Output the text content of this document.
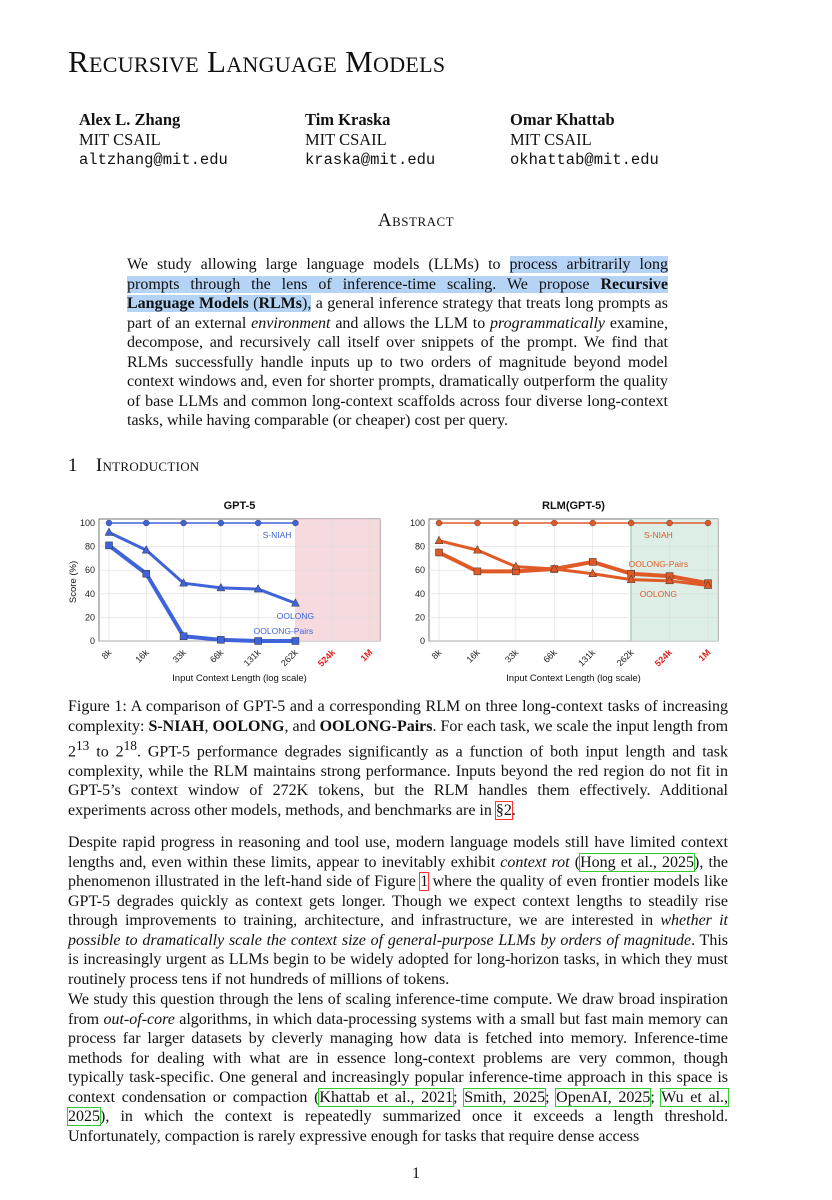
Recursive Language Models
Alex L. Zhang
MIT CSAIL
altzhang@mit.edu
Tim Kraska
MIT CSAIL
kraska@mit.edu
Omar Khattab
MIT CSAIL
okhattab@mit.edu
Abstract

We study allowing large language models (LLMs) to process arbitrarily long prompts through the lens of inference-time scaling. We propose Recursive Language Models (RLMs), a general inference strategy that treats long prompts as part of an external environment and allows the LLM to programmatically examine, decompose, and recursively call itself over snippets of the prompt. We find that RLMs successfully handle inputs up to two orders of magnitude beyond model context windows and, even for shorter prompts, dramatically outperform the quality of base LLMs and common long-context scaffolds across four diverse long-context tasks, while having comparable (or cheaper) cost per query.

1 Introduction
GPT-5
0
20
40
60
80
100
8k 16k 33k 66k 131k 262k 524k 1M
Input Context Length (log scale)
Score (%)
S-NIAH
OOLONG
OOLONG-Pairs
RLM(GPT-5)
0
20
40
60
80
100
8k 16k 33k 66k 131k 262k 524k	1M
Input Context Length (log scale)
S-NIAH
OOLONG-Pairs
OOLONG

Figure 1: A comparison of GPT-5 and a corresponding RLM on three long-context tasks of increasing complexity: S-NIAH, OOLONG, and OOLONG-Pairs. For each task, we scale the input length from $2^{13}$ to $2^{18}$. GPT-5 performance degrades significantly as a function of both input length and task complexity, while the RLM maintains strong performance. Inputs beyond the red region do not fit in GPT-5’s context window of 272K tokens, but the RLM handles them effectively. Additional experiments across other models, methods, and benchmarks are in §2.

Despite rapid progress in reasoning and tool use, modern language models still have limited context lengths and, even within these limits, appear to inevitably exhibit context rot (Hong et al., 2025), the phenomenon illustrated in the left-hand side of Figure 1 where the quality of even frontier models like GPT-5 degrades quickly as context gets longer. Though we expect context lengths to steadily rise through improvements to training, architecture, and infrastructure, we are interested in whether it possible to dramatically scale the context size of general-purpose LLMs by orders of magnitude. This is increasingly urgent as LLMs begin to be widely adopted for long-horizon tasks, in which they must routinely process tens if not hundreds of millions of tokens.

We study this question through the lens of scaling inference-time compute. We draw broad inspiration from out-of-core algorithms, in which data-processing systems with a small but fast main memory can process far larger datasets by cleverly managing how data is fetched into memory. Inference-time methods for dealing with what are in essence long-context problems are very common, though typically task-specific. One general and increasingly popular inference-time approach in this space is context condensation or compaction (Khattab et al., 2021; Smith, 2025; OpenAI, 2025; Wu et al., 2025), in which the context is repeatedly summarized once it exceeds a length threshold. Unfortunately, compaction is rarely expressive enough for tasks that require dense access

1
